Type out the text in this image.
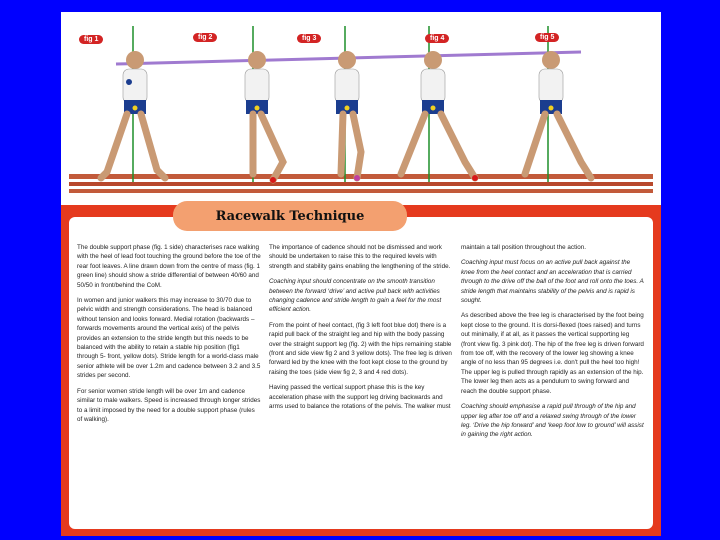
fig 1	fig 2	fig 3	fig 4	fig 5

The double support phase (fig. 1 side) characterises race walking with the heel of lead foot touching the ground before the toe of the rear foot leaves. A line drawn down from the centre of mass (fig. 1 green line) should show a stride differential of between 40/60 and 50/50 in front/behind the CoM.

In women and junior walkers this may increase to 30/70 due to pelvic width and strength considerations. The head is balanced without tension and looks forward. Medial rotation (backwards – forwards movements around the vertical axis) of the pelvis provides an extension to the stride length but this needs to be balanced with the ability to retain a stable hip position (fig1 through 5- front, yellow dots). Stride length for a world-class male senior athlete will be over 1.2m and cadence between 3.2 and 3.5 strides per second.

For senior women stride length will be over 1m and cadence similar to male walkers. Speed is increased through longer strides to a limit imposed by the need for a double support phase (rules of walking).

The importance of cadence should not be dismissed and work should be undertaken to raise this to the required levels with strength and stability gains enabling the lengthening of the stride.

Coaching input should concentrate on the smooth transition between the forward ‘drive’ and active pull back with activities changing cadence and stride length to gain a feel for the most efficient action.

From the point of heel contact, (fig 3 left foot blue dot) there is a rapid pull back of the straight leg and hip with the body passing over the straight support leg (fig. 2) with the hips remaining stable (front and side view fig 2 and 3 yellow dots). The free leg is driven forward led by the knee with the foot kept close to the ground by raising the toes (side view fig 2, 3 and 4 red dots).

Having passed the vertical support phase this is the key acceleration phase with the support leg driving backwards and arms used to balance the rotations of the pelvis. The walker must

maintain a tall position throughout the action.

Coaching input must focus on an active pull back against the knee from the heel contact and an acceleration that is carried through to the drive off the ball of the foot and roll onto the toes. A stride length that maintains stability of the pelvis and is rapid is sought.

As described above the free leg is characterised by the foot being kept close to the ground. It is dorsi-flexed (toes raised) and turns out minimally, if at all, as it passes the vertical supporting leg (front view fig. 3 pink dot). The hip of the free leg is driven forward from toe off, with the recovery of the lower leg showing a knee angle of no less than 95 degrees i.e. don't pull the heel too high! The upper leg is pulled through rapidly as an extension of the hip. The lower leg then acts as a pendulum to swing forward and reach the double support phase.

Coaching should emphasise a rapid pull through of the hip and upper leg after toe off and a relaxed swing through of the lower leg. ‘Drive the hip forward’ and ‘keep foot low to ground’ will assist in gaining the right action.

Racewalk Technique
